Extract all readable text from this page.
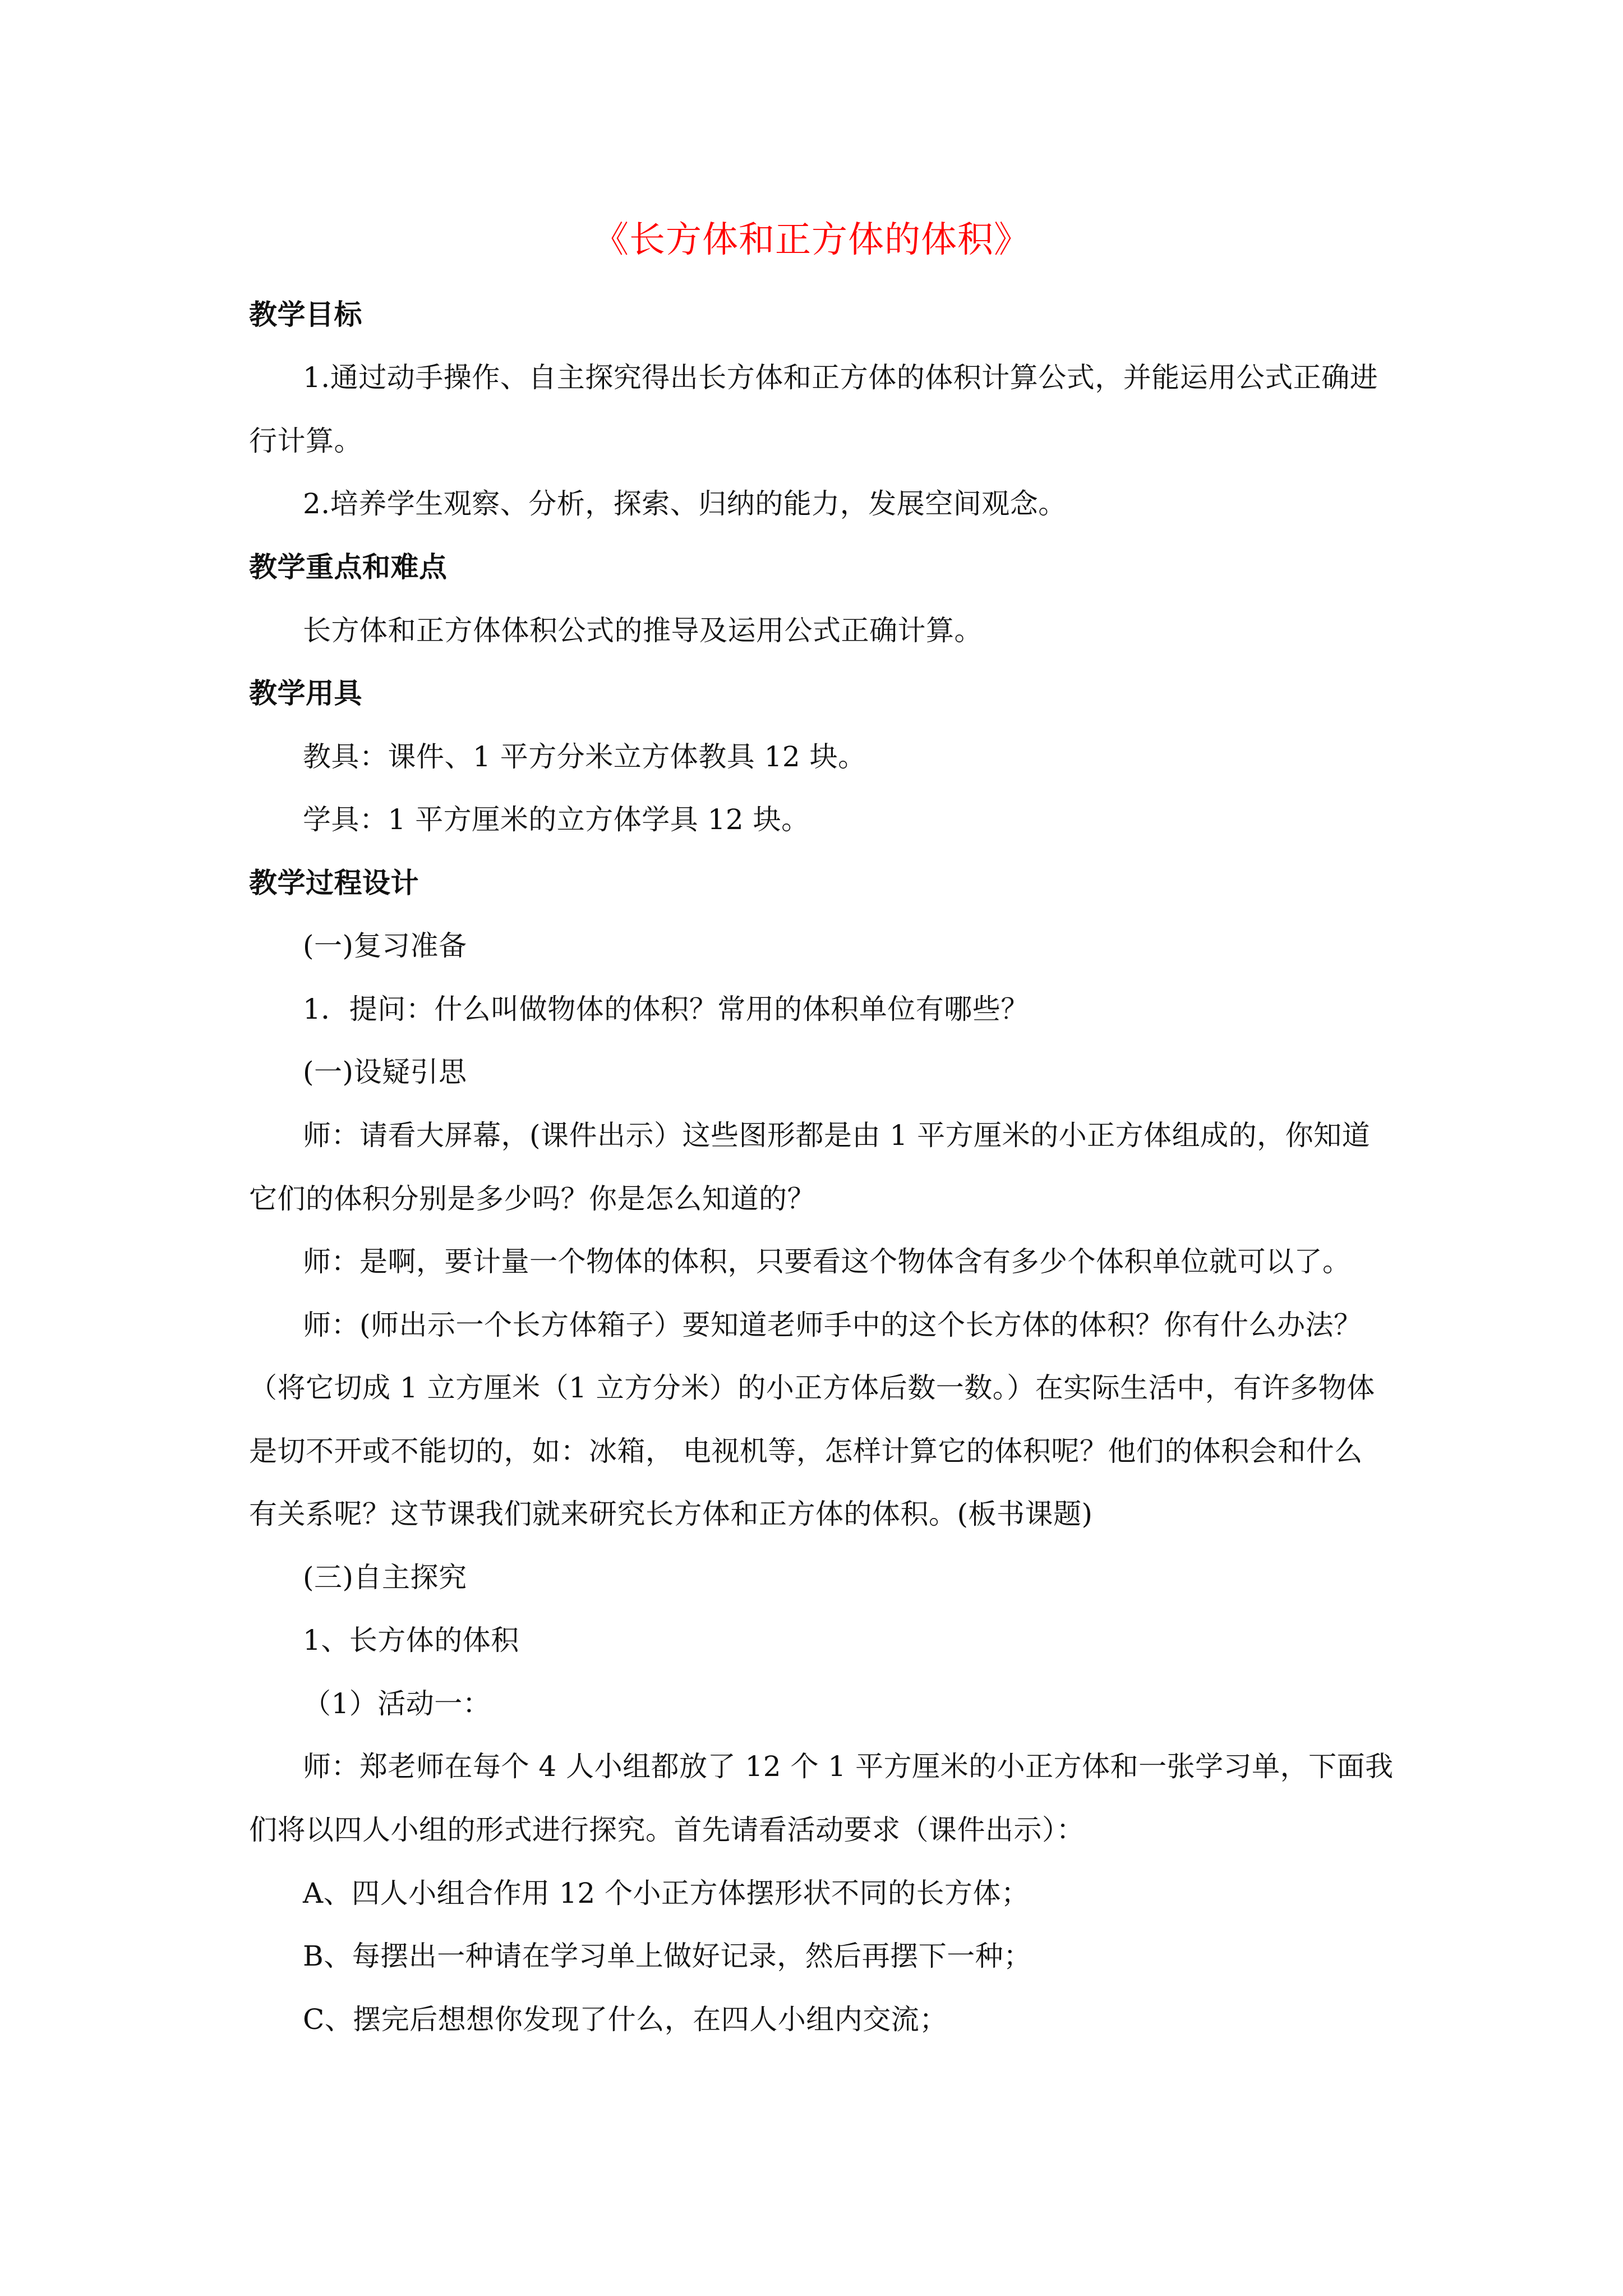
《长方体和正方体的体积》
教学目标
1.通过动手操作、自主探究得出长方体和正方体的体积计算公式，并能运用公式正确进
行计算。
2.培养学生观察、分析，探索、归纳的能力，发展空间观念。
教学重点和难点
长方体和正方体体积公式的推导及运用公式正确计算。
教学用具
教具：课件、1 平方分米立方体教具 12 块。
学具：1 平方厘米的立方体学具 12 块。
教学过程设计
(一)复习准备
1．提问：什么叫做物体的体积？常用的体积单位有哪些？
(一)设疑引思
师：请看大屏幕，(课件出示）这些图形都是由 1 平方厘米的小正方体组成的，你知道
它们的体积分别是多少吗？你是怎么知道的？
师：是啊，要计量一个物体的体积，只要看这个物体含有多少个体积单位就可以了。
师：(师出示一个长方体箱子）要知道老师手中的这个长方体的体积？你有什么办法？
（将它切成 1 立方厘米（1 立方分米）的小正方体后数一数。）在实际生活中，有许多物体
是切不开或不能切的，如：冰箱， 电视机等，怎样计算它的体积呢？他们的体积会和什么
有关系呢？这节课我们就来研究长方体和正方体的体积。(板书课题)
(三)自主探究
1、长方体的体积
（1）活动一：
师：郑老师在每个 4 人小组都放了 12 个 1 平方厘米的小正方体和一张学习单，下面我
们将以四人小组的形式进行探究。首先请看活动要求（课件出示）：
A、四人小组合作用 12 个小正方体摆形状不同的长方体；
B、每摆出一种请在学习单上做好记录，然后再摆下一种；
C、摆完后想想你发现了什么，在四人小组内交流；
